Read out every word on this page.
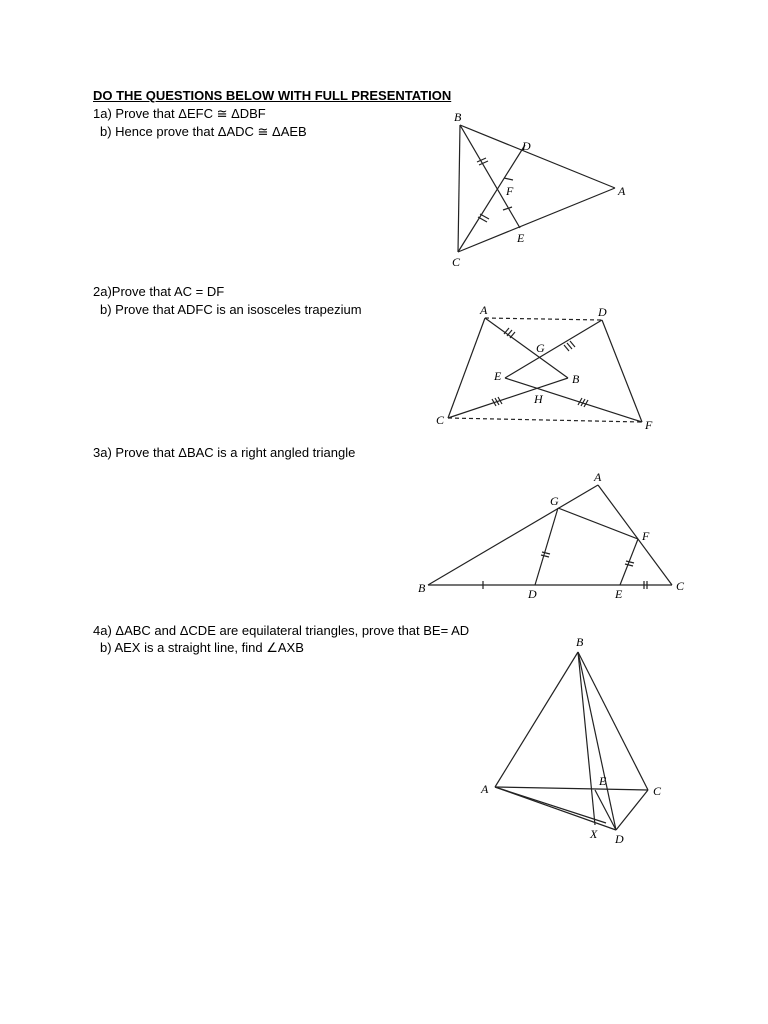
DO THE QUESTIONS BELOW WITH FULL PRESENTATION
1a) Prove that ΔEFC ≅ ΔDBF
b) Hence prove that ΔADC ≅ ΔAEB
2a)Prove that AC = DF
b) Prove that ADFC is an isosceles trapezium
3a) Prove that ΔBAC is a right angled triangle
4a) ΔABC and ΔCDE are equilateral triangles, prove that BE= AD
b) AEX is a straight line, find ∠AXB
B
D
F	A
E
C
A	D
G
E	B
H
C	F
A
G
F
B	D	E
C
B
A
E
C
X D
